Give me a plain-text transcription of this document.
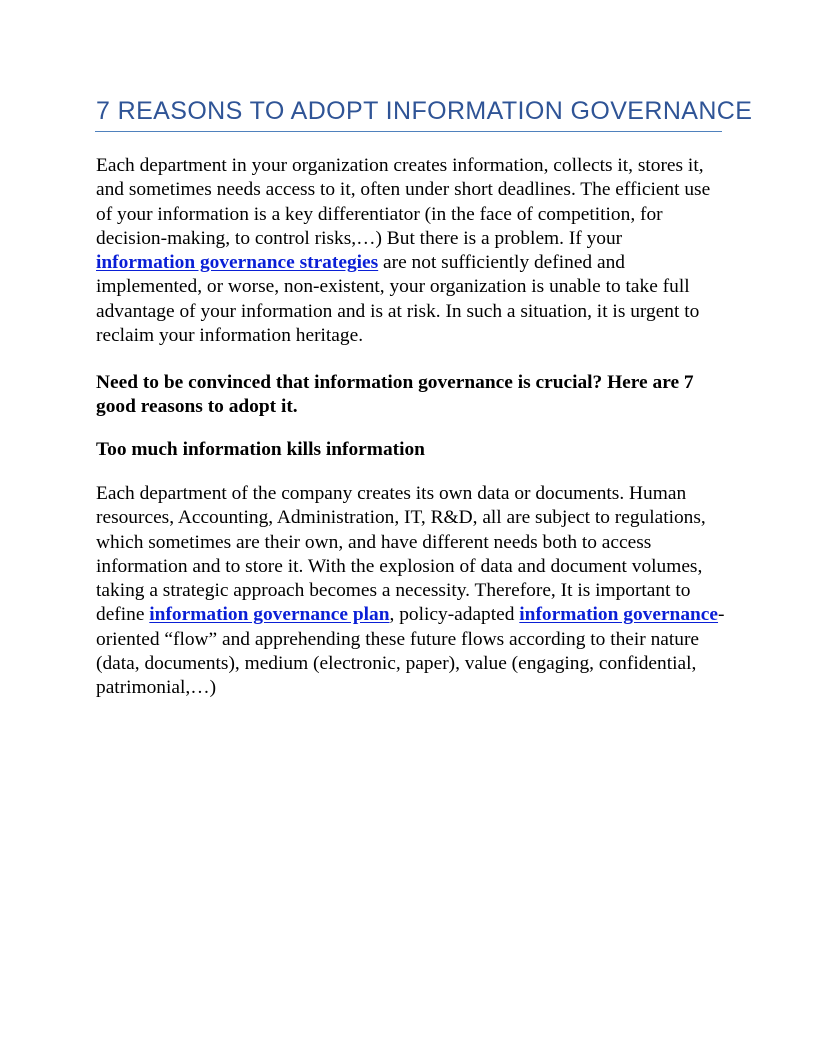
7 REASONS TO ADOPT INFORMATION GOVERNANCE

Each department in your organization creates information, collects it, stores it, and sometimes needs access to it, often under short deadlines. The efficient use of your information is a key differentiator (in the face of competition, for decision-making, to control risks,…) But there is a problem. If your information governance strategies are not sufficiently defined and implemented, or worse, non-existent, your organization is unable to take full advantage of your information and is at risk. In such a situation, it is urgent to reclaim your information heritage.

Need to be convinced that information governance is crucial? Here are 7 good reasons to adopt it.

Too much information kills information

Each department of the company creates its own data or documents. Human resources, Accounting, Administration, IT, R&D, all are subject to regulations, which sometimes are their own, and have different needs both to access information and to store it. With the explosion of data and document volumes, taking a strategic approach becomes a necessity. Therefore, It is important to define information governance plan, policy-adapted information governance-oriented “flow” and apprehending these future flows according to their nature (data, documents), medium (electronic, paper), value (engaging, confidential, patrimonial,…)
